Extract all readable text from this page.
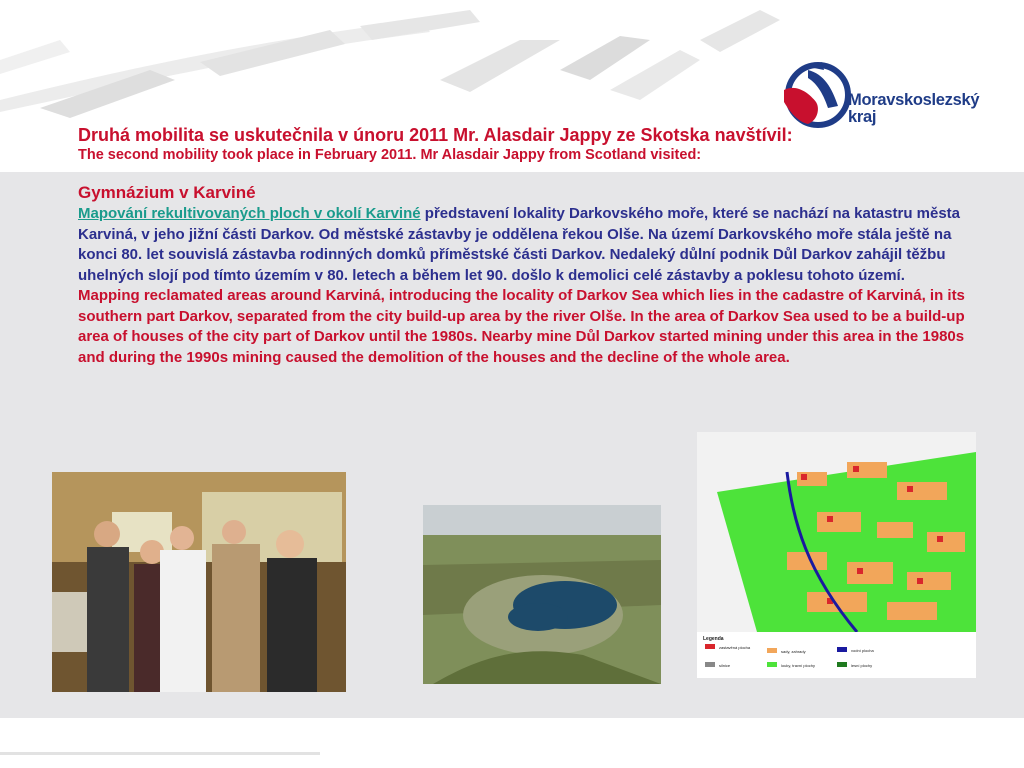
Moravskoslezský
kraj

Druhá mobilita se uskutečnila v únoru 2011 Mr. Alasdair Jappy ze Skotska navštívil:

The second mobility took place in February 2011. Mr Alasdair Jappy from Scotland visited:

Gymnázium v Karviné

Mapování rekultivovaných ploch v okolí Karviné představení lokality Darkovského moře, které se nachází na katastru města Karviná, v jeho jižní části Darkov. Od městské zástavby je oddělena řekou Olše. Na území Darkovského moře stála ještě na konci 80. let souvislá zástavba rodinných domků příměstské části Darkov. Nedaleký důlní podnik Důl Darkov zahájil těžbu uhelných slojí pod tímto územím v 80. letech a během let 90. došlo k demolici celé zástavby a poklesu tohoto území.

Mapping reclamated areas around Karviná, introducing the locality of Darkov Sea which lies in the cadastre of Karviná, in its southern part Darkov, separated from the city build-up area by the river Olše. In the area of Darkov Sea used to be a build-up area of houses of the city part of Darkov until the 1980s. Nearby mine Důl Darkov started mining under this area in the 1980s and during the 1990s mining caused the demolition of the houses and the decline of the whole area.

Legenda
zastavěná plocha
sady, zahrady	vodní plocha
silnice	louky, travní plochy	lesní plochy
